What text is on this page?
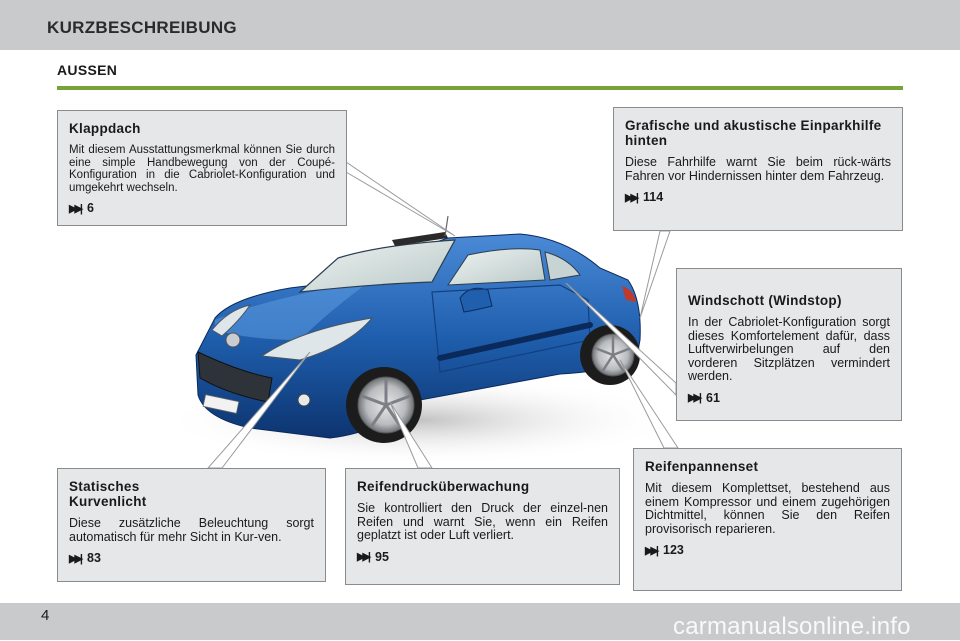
KURZBESCHREIBUNG
AUSSEN
Klappdach

Mit diesem Ausstattungsmerkmal können Sie durch eine simple Handbewegung von der Coupé-Konfiguration in die Cabriolet-Konfiguration und umgekehrt wechseln.

▶▶| 6
Grafische und akustische Einparkhilfe hinten

Diese Fahrhilfe warnt Sie beim rück-wärts Fahren vor Hindernissen hinter dem Fahrzeug.

▶▶| 114
Windschott (Windstop)

In der Cabriolet-Konfiguration sorgt dieses Komfortelement dafür, dass Luftverwirbelungen auf den vorderen Sitzplätzen vermindert werden.

▶▶| 61
Reifenpannenset

Mit diesem Komplettset, bestehend aus einem Kompressor und einem zugehörigen Dichtmittel, können Sie den Reifen provisorisch reparieren.

▶▶| 123
Reifendrucküberwachung

Sie kontrolliert den Druck der einzel-nen Reifen und warnt Sie, wenn ein Reifen geplatzt ist oder Luft verliert.

▶▶| 95
Statisches Kurvenlicht

Diese zusätzliche Beleuchtung sorgt automatisch für mehr Sicht in Kur-ven.

▶▶| 83
4	carmanualsonline.info
